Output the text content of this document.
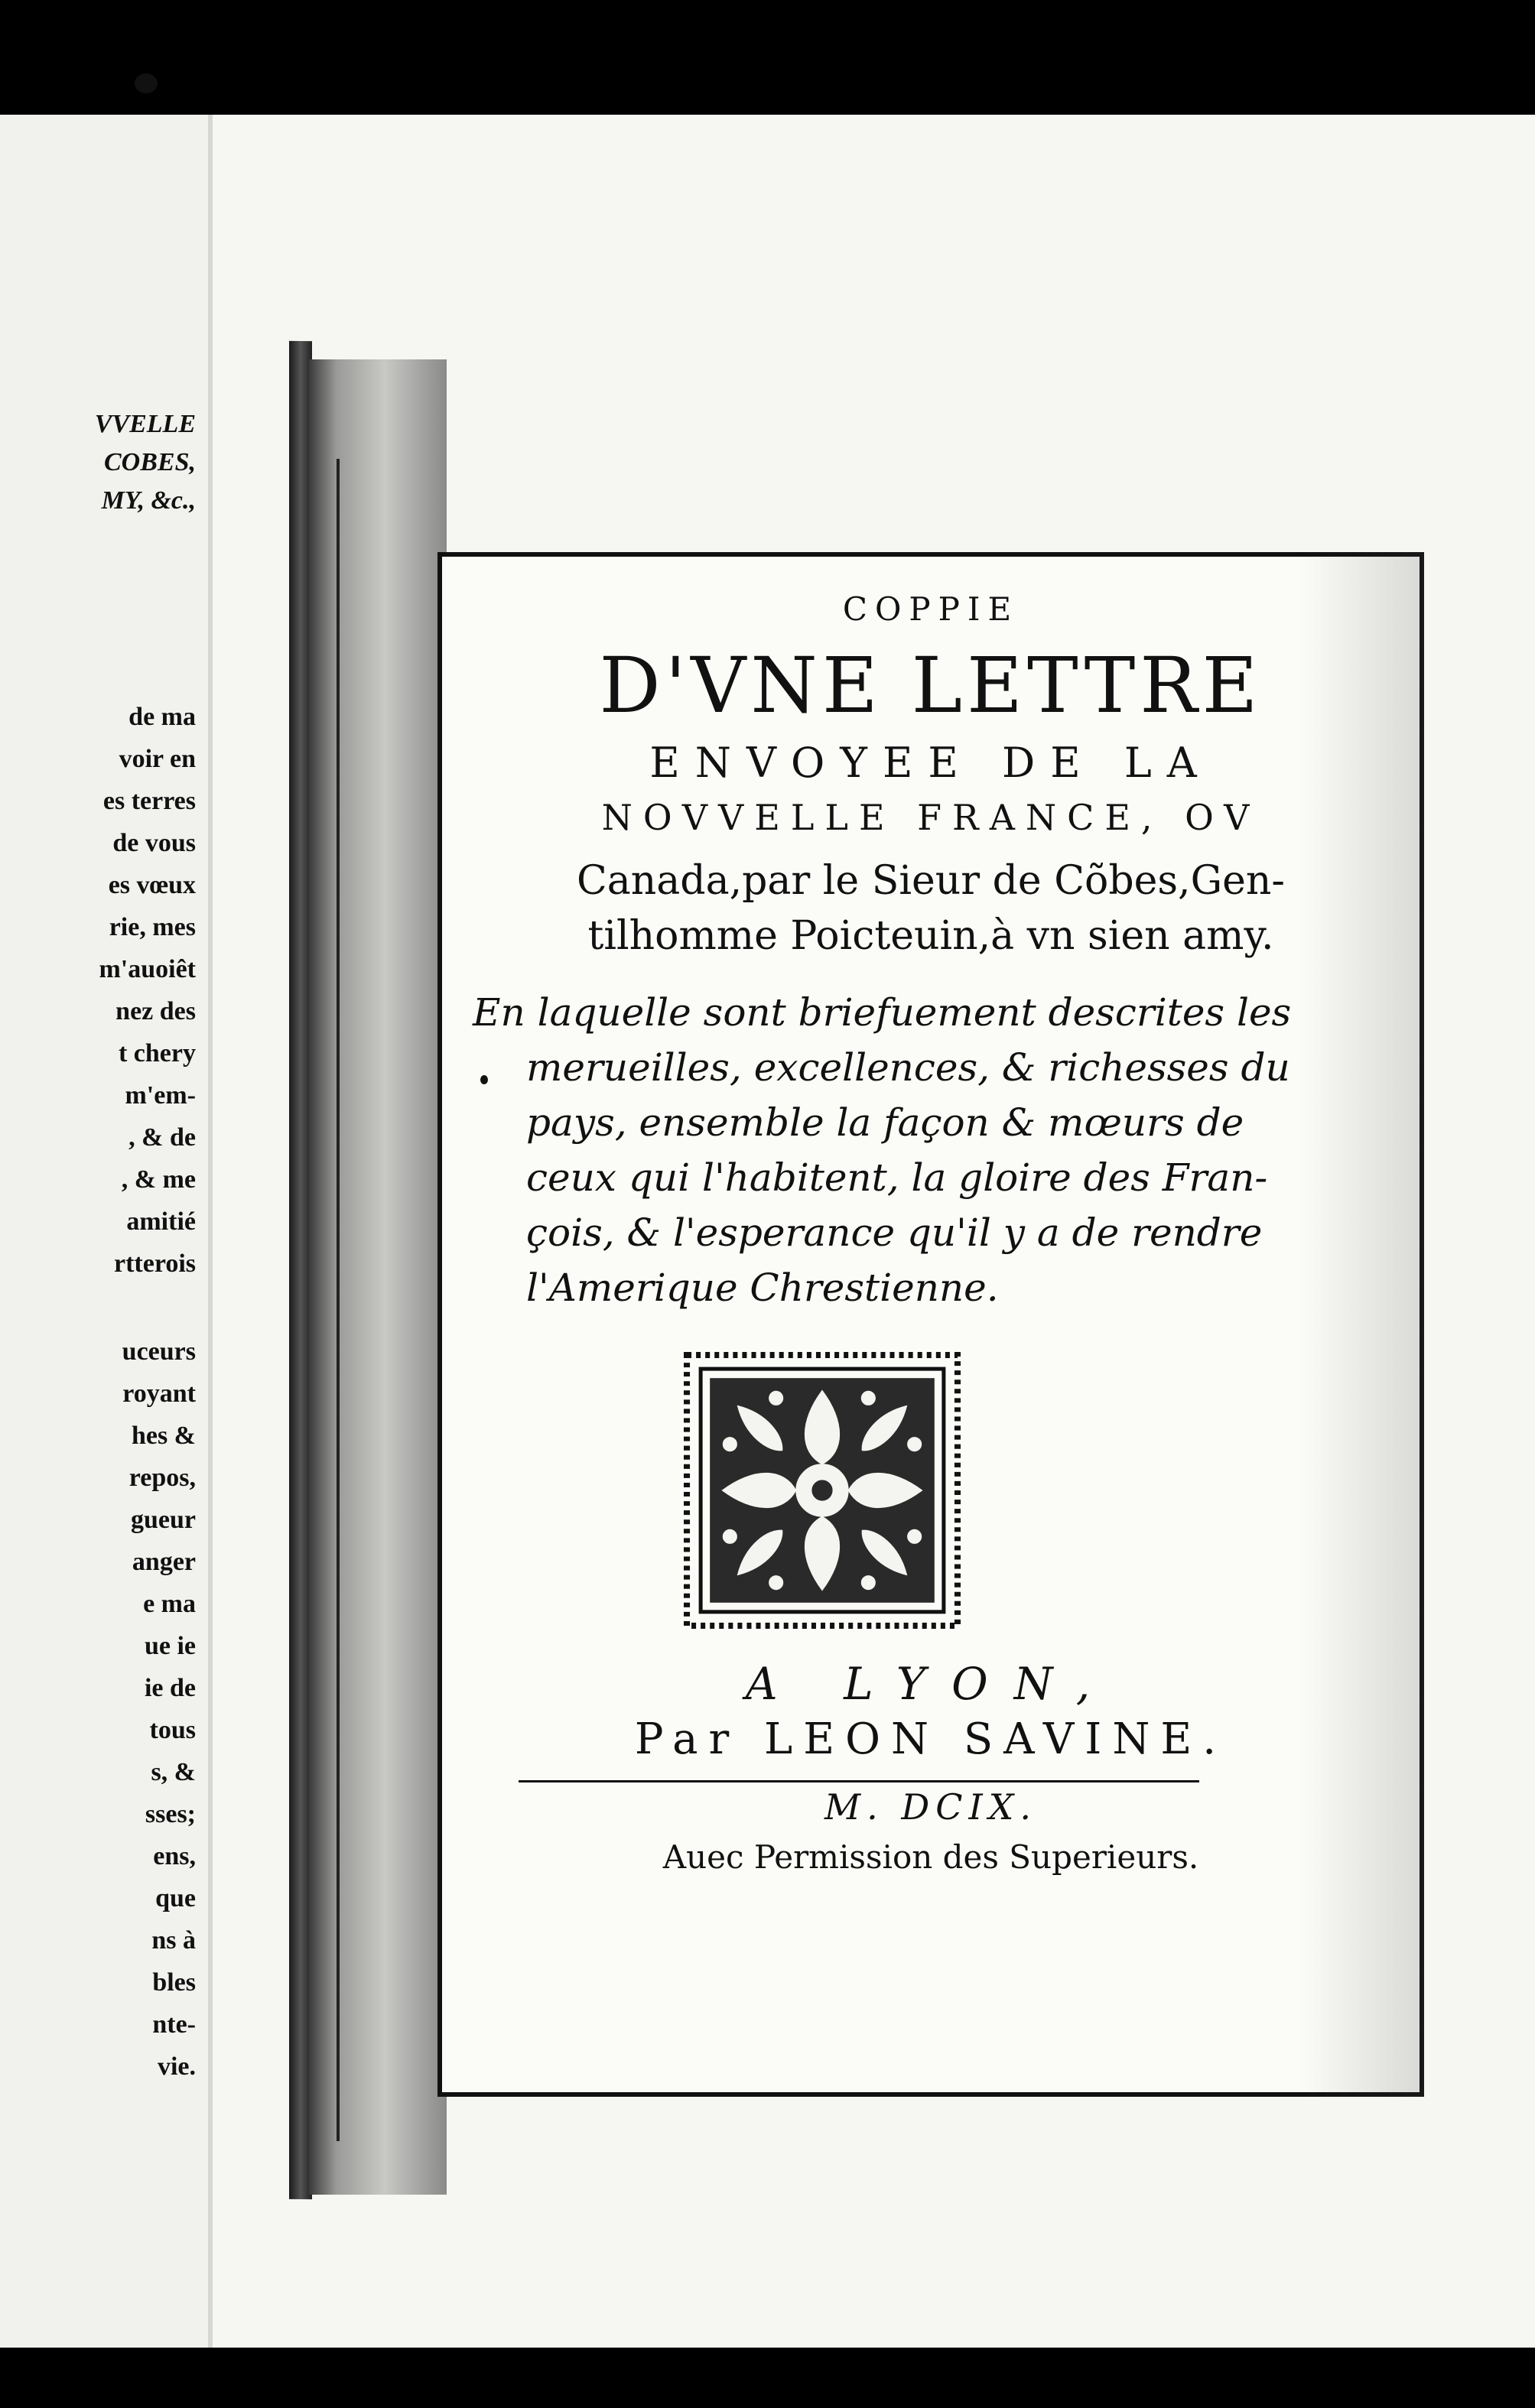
VVELLE
COBES,
MY, &c.,
de ma
voir en
es terres
de vous
es vœux
rie, mes
m'auoiêt
nez des
t chery
m'em-
, & de
, & me
amitié
rtterois
uceurs
royant
hes &
repos,
gueur
anger
e ma
ue ie
ie de
tous
s, &
sses;
ens,
que
ns à
bles
nte-
vie.
COPPIE
D'VNE LETTRE
ENVOYEE DE LA
NOVVELLE FRANCE, OV
Canada,par le Sieur de Cõbes,Gen-
tilhomme Poicteuin,à vn sien amy.
En laquelle sont briefuement descrites les
merueilles, excellences, & richesses du
pays, ensemble la façon & mœurs de
ceux qui l'habitent, la gloire des Fran-
çois, & l'esperance qu'il y a de rendre
l'Amerique Chrestienne.
A LYON,
Par LEON SAVINE.
M. DCIX.
Auec Permission des Superieurs.
